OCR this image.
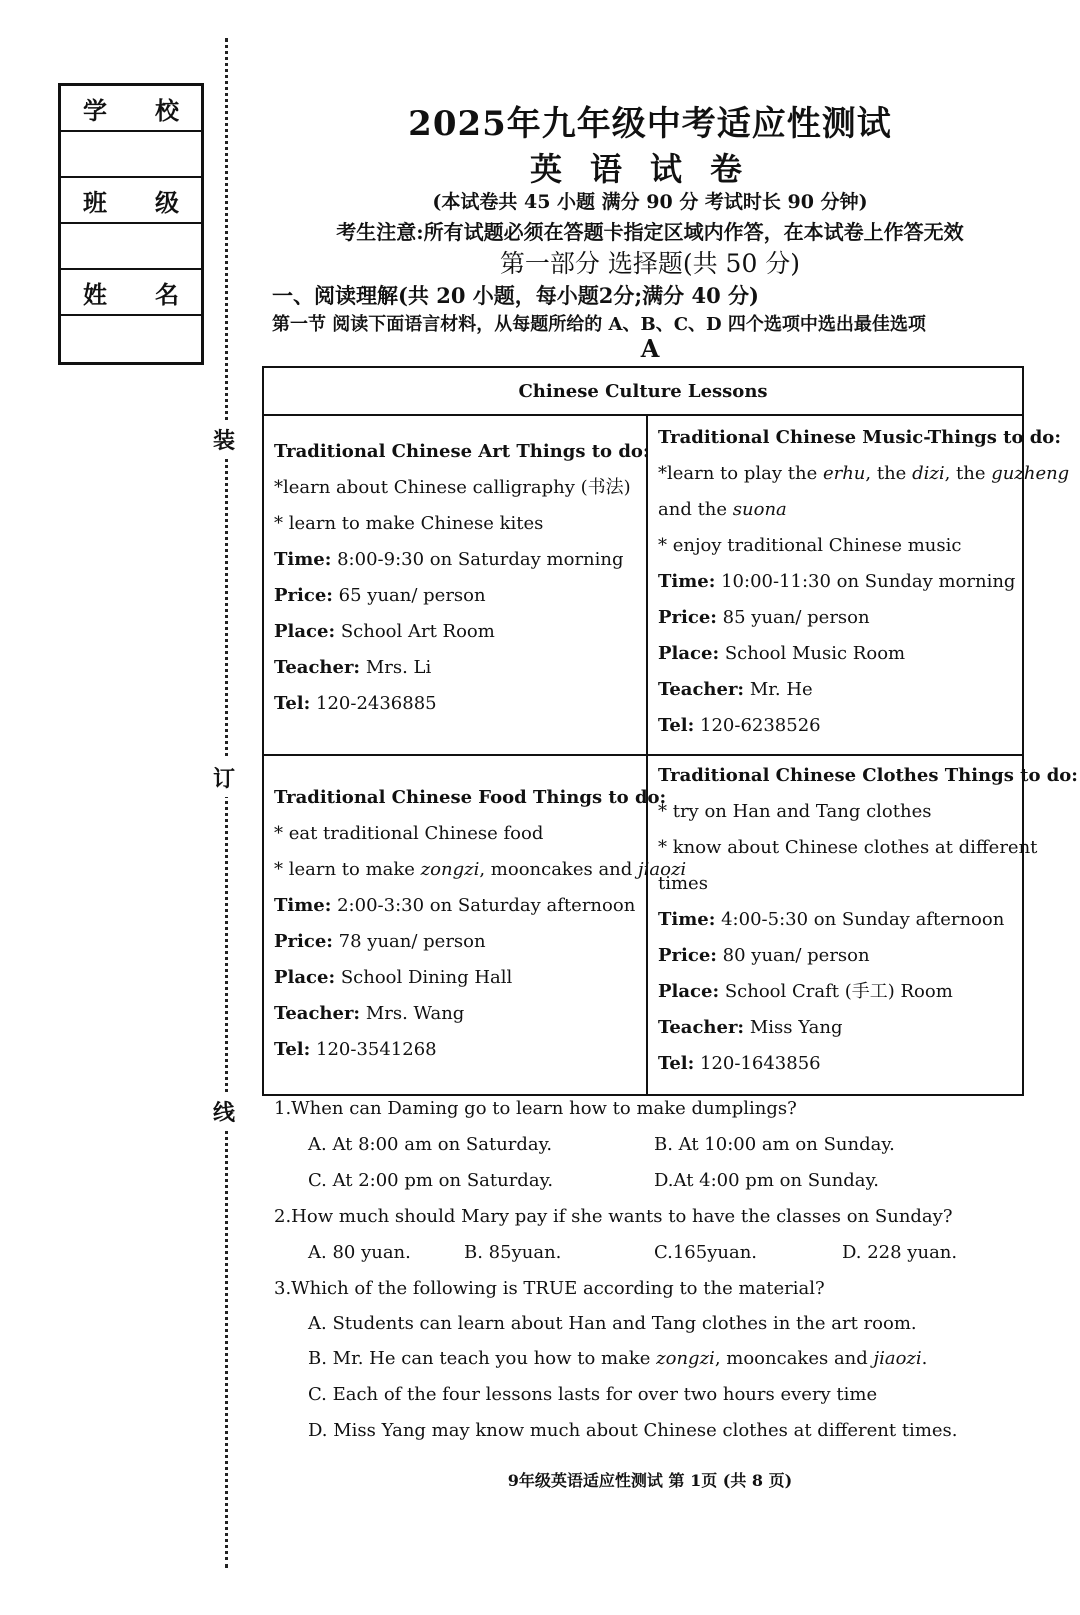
学 校
班 级
姓 名
装
订
线
2025年九年级中考适应性测试
英语试卷
(本试卷共 45 小题 满分 90 分 考试时长 90 分钟)
考生注意:所有试题必须在答题卡指定区域内作答，在本试卷上作答无效
第一部分 选择题(共 50 分)
一、阅读理解(共 20 小题，每小题2分;满分 40 分)
第一节 阅读下面语言材料，从每题所给的 A、B、C、D 四个选项中选出最佳选项
A
Chinese Culture Lessons
Traditional Chinese Art Things to do:
*learn about Chinese calligraphy (书法)
* learn to make Chinese kites
Time: 8:00-9:30 on Saturday morning
Price: 65 yuan/ person
Place: School Art Room
Teacher: Mrs. Li
Tel: 120-2436885
Traditional Chinese Music-Things to do:
*learn to play the erhu, the dizi, the guzheng
and the suona
* enjoy traditional Chinese music
Time: 10:00-11:30 on Sunday morning
Price: 85 yuan/ person
Place: School Music Room
Teacher: Mr. He
Tel: 120-6238526
Traditional Chinese Food Things to do:
* eat traditional Chinese food
* learn to make zongzi, mooncakes and jiaozi
Time: 2:00-3:30 on Saturday afternoon
Price: 78 yuan/ person
Place: School Dining Hall
Teacher: Mrs. Wang
Tel: 120-3541268
Traditional Chinese Clothes Things to do:
* try on Han and Tang clothes
* know about Chinese clothes at different
times
Time: 4:00-5:30 on Sunday afternoon
Price: 80 yuan/ person
Place: School Craft (手工) Room
Teacher: Miss Yang
Tel: 120-1643856
1.When can Daming go to learn how to make dumplings?
A. At 8:00 am on Saturday.	B. At 10:00 am on Sunday.
C. At 2:00 pm on Saturday.	D.At 4:00 pm on Sunday.
2.How much should Mary pay if she wants to have the classes on Sunday?
A. 80 yuan.	B. 85yuan.	C.165yuan.	D. 228 yuan.
3.Which of the following is TRUE according to the material?
A. Students can learn about Han and Tang clothes in the art room.
B. Mr. He can teach you how to make zongzi, mooncakes and jiaozi.
C. Each of the four lessons lasts for over two hours every time
D. Miss Yang may know much about Chinese clothes at different times.
9年级英语适应性测试 第 1页 (共 8 页)
